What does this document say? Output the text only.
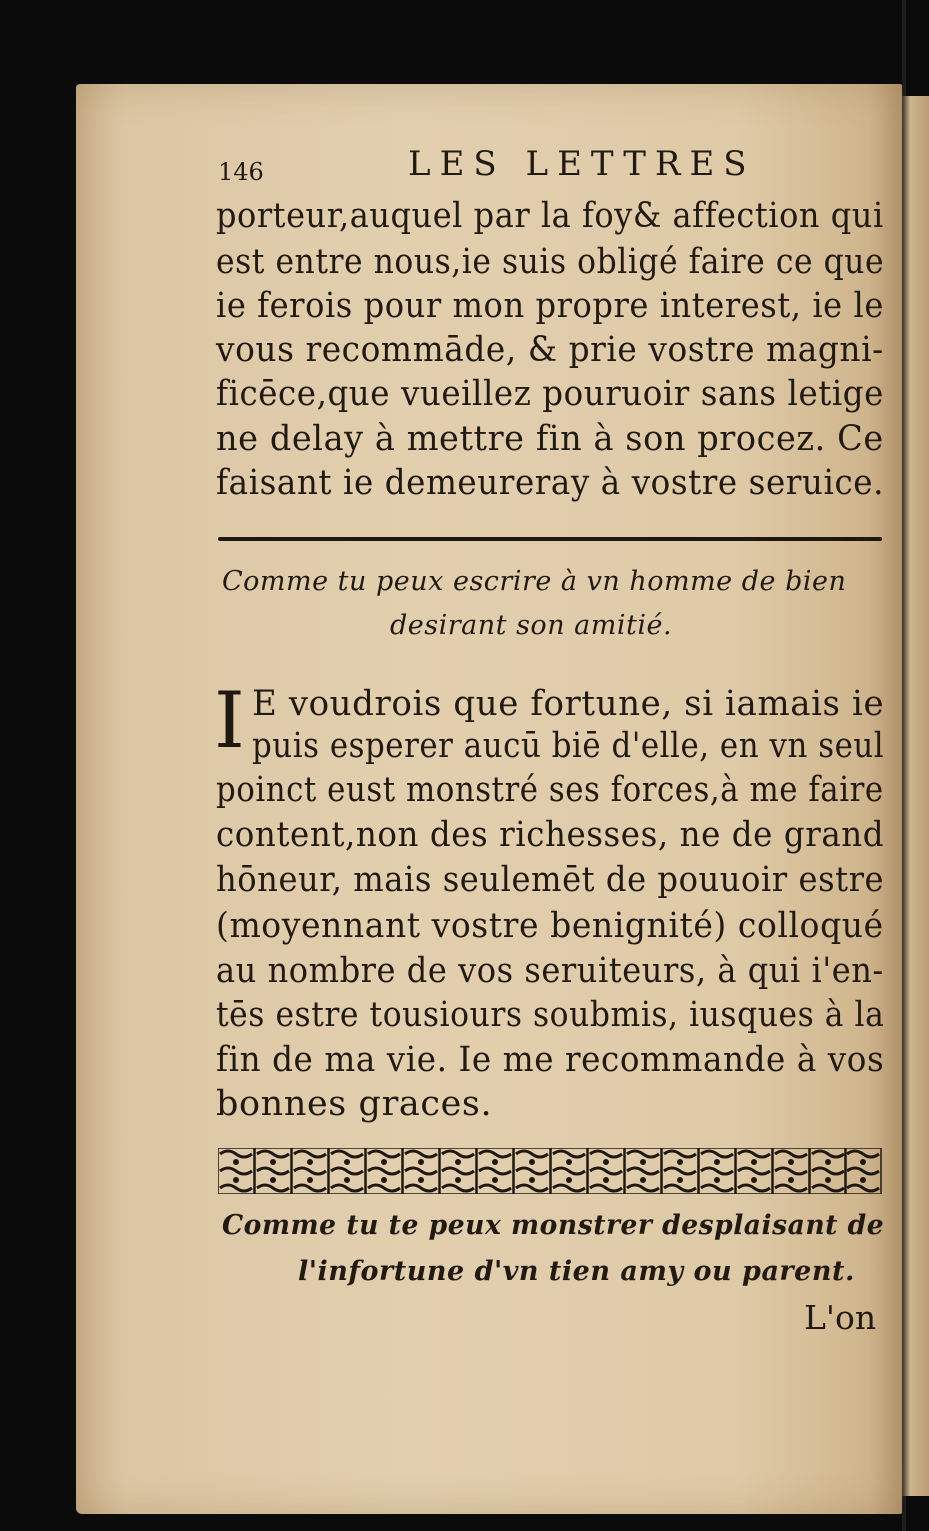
146	LES LETTRES
porteur,auquel par la foy& affection qui
est entre nous,ie suis obligé faire ce que
ie ferois pour mon propre interest, ie le
vous recommāde, & prie vostre magni-
ficēce,que vueillez pouruoir sans letige
ne delay à mettre fin à son procez. Ce
faisant ie demeureray à vostre seruice.
Comme tu peux escrire à vn homme de bien
desirant son amitié.
I E voudrois que fortune, si iamais ie
puis esperer aucū biē d'elle, en vn seul
poinct eust monstré ses forces,à me faire
content,non des richesses, ne de grand
hōneur, mais seulemēt de pouuoir estre
(moyennant vostre benignité) colloqué
au nombre de vos seruiteurs, à qui i'en-
tēs estre tousiours soubmis, iusques à la
fin de ma vie. Ie me recommande à vos
bonnes graces.
Comme tu te peux monstrer desplaisant de
l'infortune d'vn tien amy ou parent.
L'on
